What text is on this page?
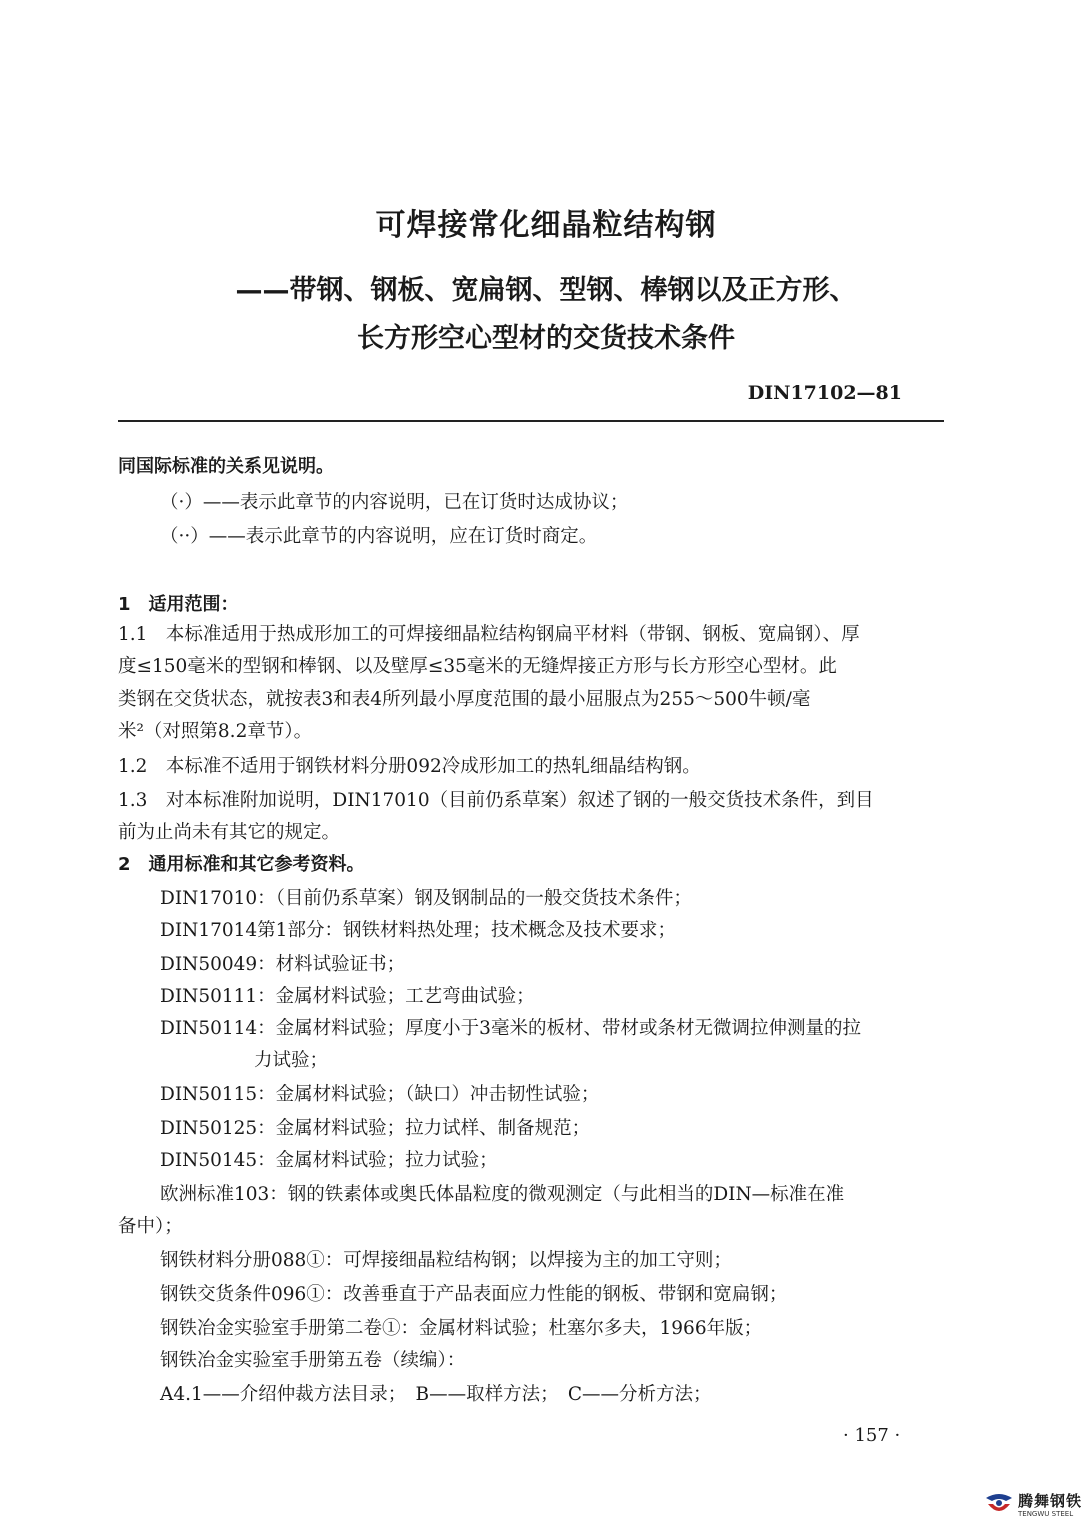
可焊接常化细晶粒结构钢
——带钢、钢板、宽扁钢、型钢、棒钢以及正方形、
长方形空心型材的交货技术条件
DIN17102—81
同国际标准的关系见说明。
（·）——表示此章节的内容说明，已在订货时达成协议；
（··）——表示此章节的内容说明，应在订货时商定。
1　适用范围：
1.1　本标准适用于热成形加工的可焊接细晶粒结构钢扁平材料（带钢、钢板、宽扁钢）、厚
度≤150毫米的型钢和棒钢、以及壁厚≤35毫米的无缝焊接正方形与长方形空心型材。此
类钢在交货状态，就按表3和表4所列最小厚度范围的最小屈服点为255～500牛顿/毫
米²（对照第8.2章节）。
1.2　本标准不适用于钢铁材料分册092冷成形加工的热轧细晶结构钢。
1.3　对本标准附加说明，DIN17010（目前仍系草案）叙述了钢的一般交货技术条件，到目
前为止尚未有其它的规定。
2　通用标准和其它参考资料。
DIN17010：（目前仍系草案）钢及钢制品的一般交货技术条件；
DIN17014第1部分：钢铁材料热处理；技术概念及技术要求；
DIN50049：材料试验证书；
DIN50111：金属材料试验；工艺弯曲试验；
DIN50114：金属材料试验；厚度小于3毫米的板材、带材或条材无微调拉伸测量的拉
力试验；
DIN50115：金属材料试验；（缺口）冲击韧性试验；
DIN50125：金属材料试验；拉力试样、制备规范；
DIN50145：金属材料试验；拉力试验；
欧洲标准103：钢的铁素体或奥氏体晶粒度的微观测定（与此相当的DIN—标准在准
备中）；
钢铁材料分册088①：可焊接细晶粒结构钢；以焊接为主的加工守则；
钢铁交货条件096①：改善垂直于产品表面应力性能的钢板、带钢和宽扁钢；
钢铁冶金实验室手册第二卷①：金属材料试验；杜塞尔多夫，1966年版；
钢铁冶金实验室手册第五卷（续编）：
A4.1——介绍仲裁方法目录；　B——取样方法；　C——分析方法；
· 157 ·
腾舞钢铁
TENGWU STEEL
